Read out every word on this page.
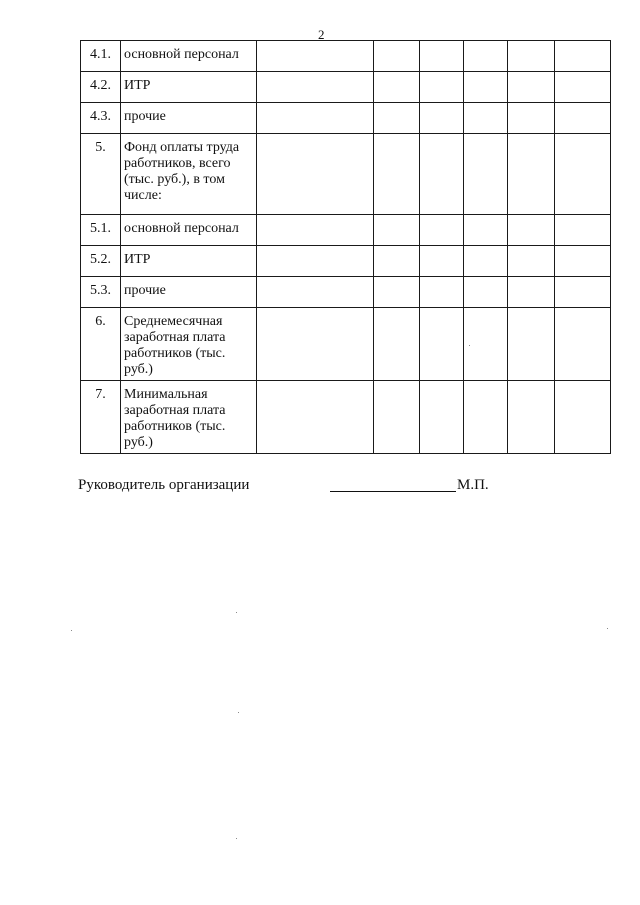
2
4.1.	основной персонал						
4.2.	ИТР						
4.3.	прочие						
5.	Фонд оплаты труда работников, всего (тыс. руб.), в том числе:						
5.1.	основной персонал						
5.2.	ИТР						
5.3.	прочие						
6.	Среднемесячная заработная плата работников (тыс. руб.)						
7.	Минимальная заработная плата работников (тыс. руб.)						
Руководитель организации	М.П.
